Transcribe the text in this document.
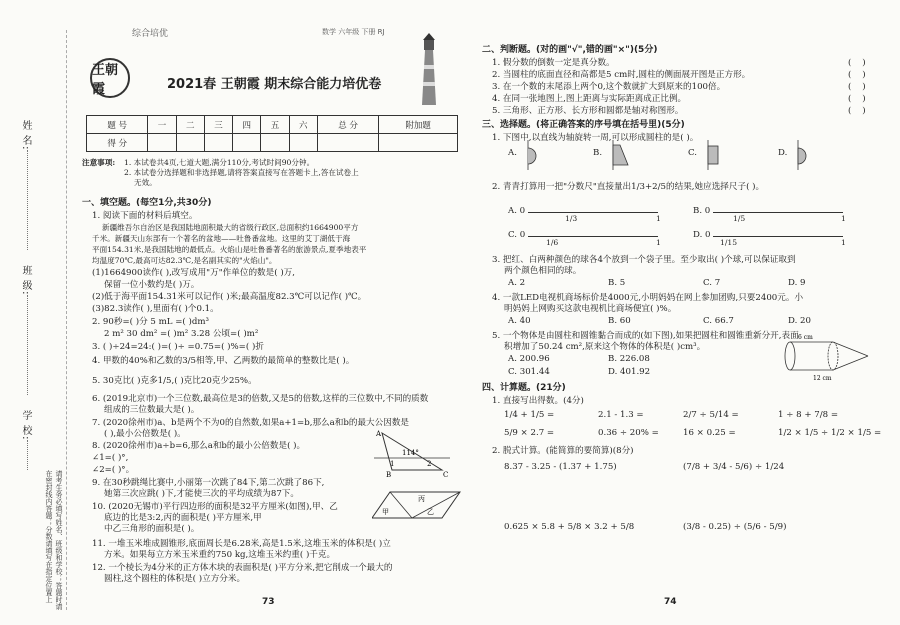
姓 名:
班 级:
学 校:
请考生务必填写姓名、班级和学校；答题时请在密封线内答题；分数请填写在指定位置上
综合培优	数学 六年级 下册 RJ
王朝霞	2021春 王朝霞 期末综合能力培优卷
题 号	一	二	三	四	五	六	总 分	附加题
得 分								
注意事项: 1. 本试卷共4页,七道大题,满分110分,考试时间90分钟。
2. 本试卷分选择题和非选择题,请将答案直接写在答题卡上,答在试卷上
无效。
一、填空题。(每空1分,共30分)
1. 阅读下面的材料后填空。
新疆维吾尔自治区是我国陆地面积最大的省级行政区,总面积约1664900平方
千米。新疆天山东部有一个著名的盆地——吐鲁番盆地。这里的艾丁湖低于海
平面154.31米,是我国陆地的最低点。火焰山是吐鲁番著名的旅游景点,夏季地表平
均温度70℃,最高可达82.3℃,是名副其实的"火焰山"。
(1)1664900读作( ),改写成用"万"作单位的数是( )万,
保留一位小数约是( )万。
(2)低于海平面154.31米可以记作( )米;最高温度82.3℃可以记作( )℃。
(3)82.3读作( ),里面有( )个0.1。
2. 90秒=( )分 5 mL =( )dm³
2 m² 30 dm² =( )m² 3.28 公顷=( )m²
3. ( )÷24=24:( )=( )÷ =0.75=( )%=( )折
4. 甲数的40%和乙数的3/5相等,甲、乙两数的最简单的整数比是( )。
5. 30克比( )克多1/5,( )克比20克少25%。
6. (2019北京市)一个三位数,最高位是3的倍数,又是5的倍数,这样的三位数中,不同的质数
组成的三位数最大是( )。
7. (2020徐州市)a、b是两个不为0的自然数,如果a+1=b,那么a和b的最大公因数是
( ),最小公倍数是( )。
8. (2020徐州市)a÷b=6,那么a和b的最小公倍数是( )。
∠1=( )°,
∠2=( )°。
A
B	C
114°
1	2
9. 在30秒跳绳比赛中,小丽第一次跳了84下,第二次跳了86下,
她第三次应跳( )下,才能使三次的平均成绩为87下。
10. (2020无锡市)平行四边形的面积是32平方厘米(如图),甲、乙
底边的比是3:2,丙的面积是( )平方厘米,甲
中乙三角形的面积是( )。
甲	乙
丙
11. 一堆玉米堆成圆锥形,底面周长是6.28米,高是1.5米,这堆玉米的体积是( )立
方米。如果每立方米玉米重约750 kg,这堆玉米约重( )千克。
12. 一个棱长为4分米的正方体木块的表面积是( )平方分米,把它削成一个最大的
圆柱,这个圆柱的体积是( )立方分米。
73
二、判断题。(对的画"√",错的画"×")(5分)
1. 假分数的倒数一定是真分数。
2. 当圆柱的底面直径和高都是5 cm时,圆柱的侧面展开图是正方形。
3. 在一个数的末尾添上两个0,这个数就扩大到原来的100倍。
4. 在同一张地图上,图上距离与实际距离成正比例。
5. 三角形、正方形、长方形和圆都是轴对称图形。
(    )
(    )
(    )
(    )
(    )
三、选择题。(将正确答案的序号填在括号里)(5分)
1. 下图中,以直线为轴旋转一周,可以形成圆柱的是( )。
A.	B.	C.	D.
2. 青青打算用一把"分数尺"直接量出1/3+2/5的结果,她应选择尺子( )。
A. 0	B. 0
C. 0	D. 0
1/3	1	1/5	1
1/6	1	1/15	1
3. 把红、白两种颜色的球各4个放到一个袋子里。至少取出( )个球,可以保证取到
两个颜色相同的球。
A. 2	B. 5	C. 7	D. 9
4. 一款LED电视机商场标价是4000元,小明妈妈在网上参加团购,只要2400元。小
明妈妈上网购买这款电视机比商场便宜( )%。
A. 40	B. 60	C. 66.7	D. 20
5. 一个物体是由圆柱和圆锥黏合而成的(如下图),如果把圆柱和圆锥重新分开,表面
积增加了50.24 cm²,原来这个物体的体积是( )cm³。
A. 200.96	B. 226.08
C. 301.44	D. 401.92
6 cm
12 cm
四、计算题。(21分)
1. 直接写出得数。(4分)
1/4 + 1/5 =	2.1 - 1.3 =	2/7 ÷ 5/14 =	1 ÷ 8 + 7/8 =
5/9 × 2.7 =	0.36 ÷ 20% =	16 × 0.25 =	1/2 × 1/5 ÷ 1/2 × 1/5 =
2. 脱式计算。(能简算的要简算)(8分)
8.37 - 3.25 - (1.37 + 1.75)	(7/8 + 3/4 - 5/6) ÷ 1/24
0.625 × 5.8 + 5/8 × 3.2 + 5/8	(3/8 - 0.25) ÷ (5/6 - 5/9)
74
